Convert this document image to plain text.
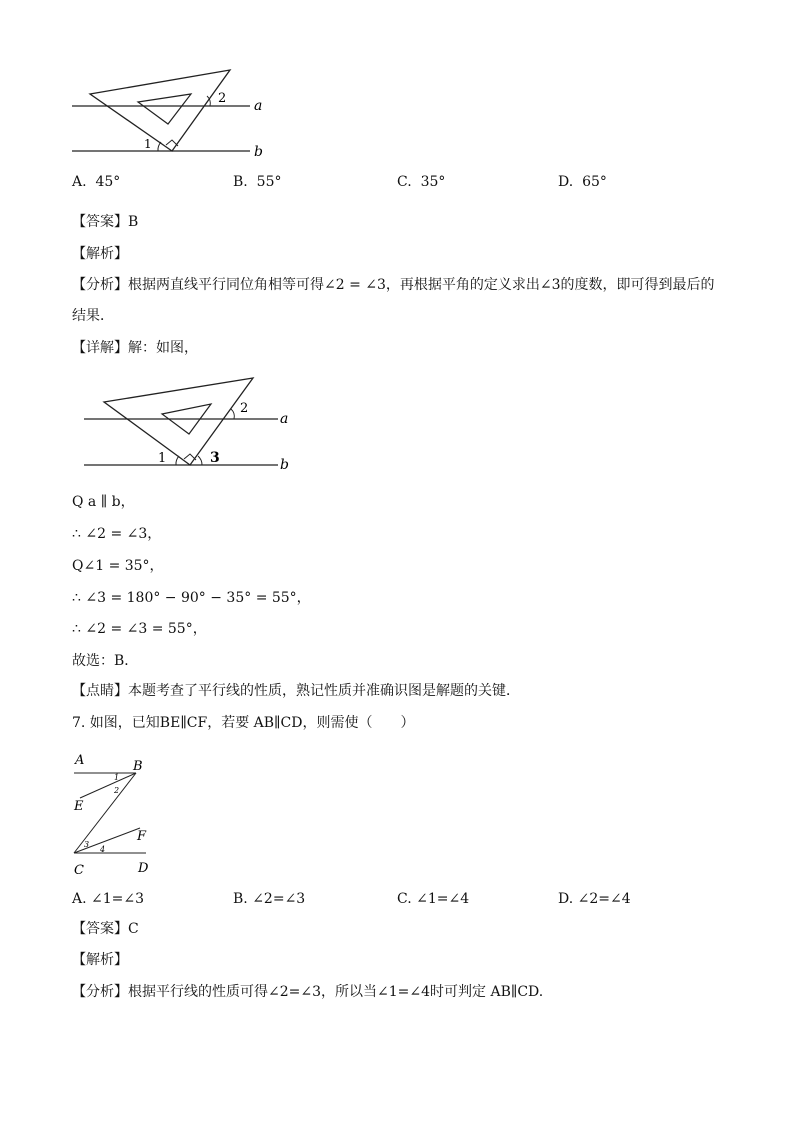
2
1
a
b
A. 45°	B. 55°	C. 35°	D. 65°
【答案】B
【解析】
【分析】根据两直线平行同位角相等可得∠2 = ∠3，再根据平角的定义求出∠3的度数，即可得到最后的
结果．
【详解】解：如图，
2
1	3
a
b
Q a ∥ b，
∴ ∠2 = ∠3，
Q∠1 = 35°，
∴ ∠3 = 180° − 90° − 35° = 55°，
∴ ∠2 = ∠3 = 55°，
故选：B．
【点睛】本题考查了平行线的性质，熟记性质并准确识图是解题的关键．
7. 如图，已知BE∥CF，若要 AB∥CD，则需使（　　）
A	B
E
F
C	D
1
2
3
4
A. ∠1=∠3	B. ∠2=∠3	C. ∠1=∠4	D. ∠2=∠4
【答案】C
【解析】
【分析】根据平行线的性质可得∠2=∠3，所以当∠1=∠4时可判定 AB∥CD.
